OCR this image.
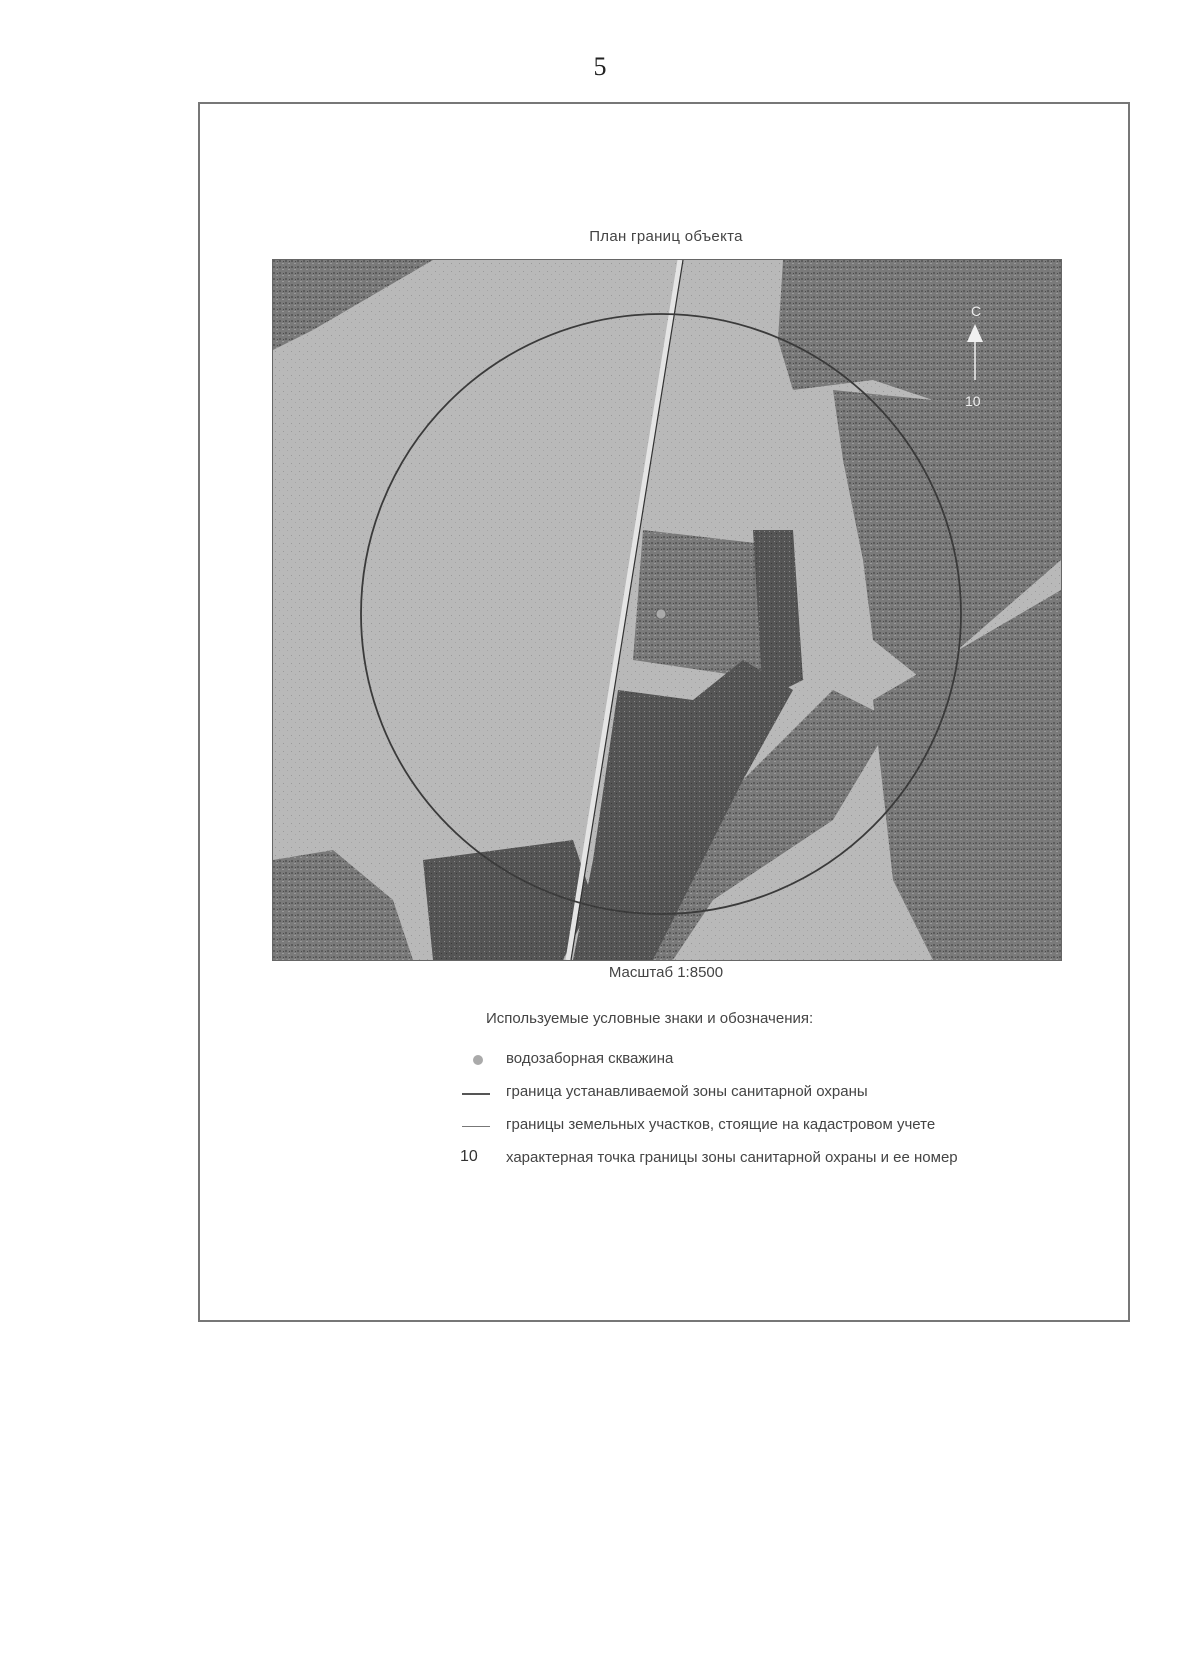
5
План границ объекта
С
10
Масштаб 1:8500
Используемые условные знаки и обозначения:
водозаборная скважина
граница устанавливаемой зоны санитарной охраны
границы земельных участков, стоящие на кадастровом учете
10 характерная точка границы зоны санитарной охраны и ее номер
